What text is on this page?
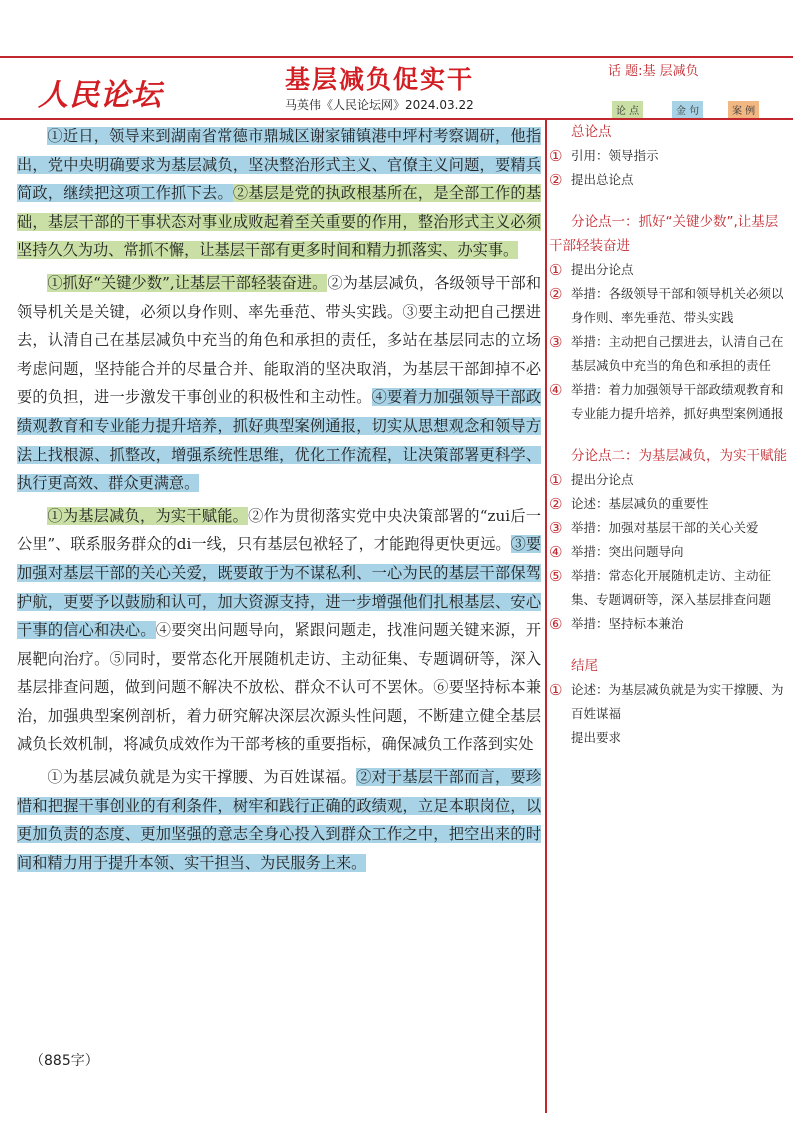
人民论坛	基层减负促实干
马英伟《人民论坛网》2024.03.22
话 题:基 层减负
论 点	金 句	案 例

①近日，领导来到湖南省常德市鼎城区谢家铺镇港中坪村考察调研，他指出，党中央明确要求为基层减负，坚决整治形式主义、官僚主义问题，要精兵简政，继续把这项工作抓下去。②基层是党的执政根基所在，是全部工作的基础，基层干部的干事状态对事业成败起着至关重要的作用，整治形式主义必须坚持久久为功、常抓不懈，让基层干部有更多时间和精力抓落实、办实事。

①抓好“关键少数”,让基层干部轻装奋进。②为基层减负，各级领导干部和领导机关是关键，必须以身作则、率先垂范、带头实践。③要主动把自己摆进去，认清自己在基层减负中充当的角色和承担的责任，多站在基层同志的立场考虑问题，坚持能合并的尽量合并、能取消的坚决取消，为基层干部卸掉不必要的负担，进一步激发干事创业的积极性和主动性。④要着力加强领导干部政绩观教育和专业能力提升培养，抓好典型案例通报，切实从思想观念和领导方法上找根源、抓整改，增强系统性思维，优化工作流程，让决策部署更科学、执行更高效、群众更满意。

①为基层减负，为实干赋能。②作为贯彻落实党中央决策部署的“zui后一公里”、联系服务群众的di一线，只有基层包袱轻了，才能跑得更快更远。③要加强对基层干部的关心关爱，既要敢于为不谋私利、一心为民的基层干部保驾护航，更要予以鼓励和认可，加大资源支持，进一步增强他们扎根基层、安心干事的信心和决心。④要突出问题导向，紧跟问题走，找准问题关键来源，开展靶向治疗。⑤同时，要常态化开展随机走访、主动征集、专题调研等，深入基层排查问题，做到问题不解决不放松、群众不认可不罢休。⑥要坚持标本兼治，加强典型案例剖析，着力研究解决深层次源头性问题，不断建立健全基层减负长效机制，将减负成效作为干部考核的重要指标，确保减负工作落到实处

①为基层减负就是为实干撑腰、为百姓谋福。②对于基层干部而言，要珍惜和把握干事创业的有利条件，树牢和践行正确的政绩观，立足本职岗位，以更加负责的态度、更加坚强的意志全身心投入到群众工作之中，把空出来的时间和精力用于提升本领、实干担当、为民服务上来。

（885字）
总论点
① 引用：领导指示
② 提出总论点
分论点一：抓好“关键少数”,让基层干部轻装奋进
① 提出分论点
② 举措：各级领导干部和领导机关必须以身作则、率先垂范、带头实践
③ 举措：主动把自己摆进去，认清自己在基层减负中充当的角色和承担的责任
④ 举措：着力加强领导干部政绩观教育和专业能力提升培养，抓好典型案例通报
分论点二：为基层减负，为实干赋能
① 提出分论点
② 论述：基层减负的重要性
③ 举措：加强对基层干部的关心关爱
④ 举措：突出问题导向
⑤ 举措：常态化开展随机走访、主动征集、专题调研等，深入基层排查问题
⑥ 举措：坚持标本兼治
结尾
① 论述：为基层减负就是为实干撑腰、为百姓谋福
提出要求
